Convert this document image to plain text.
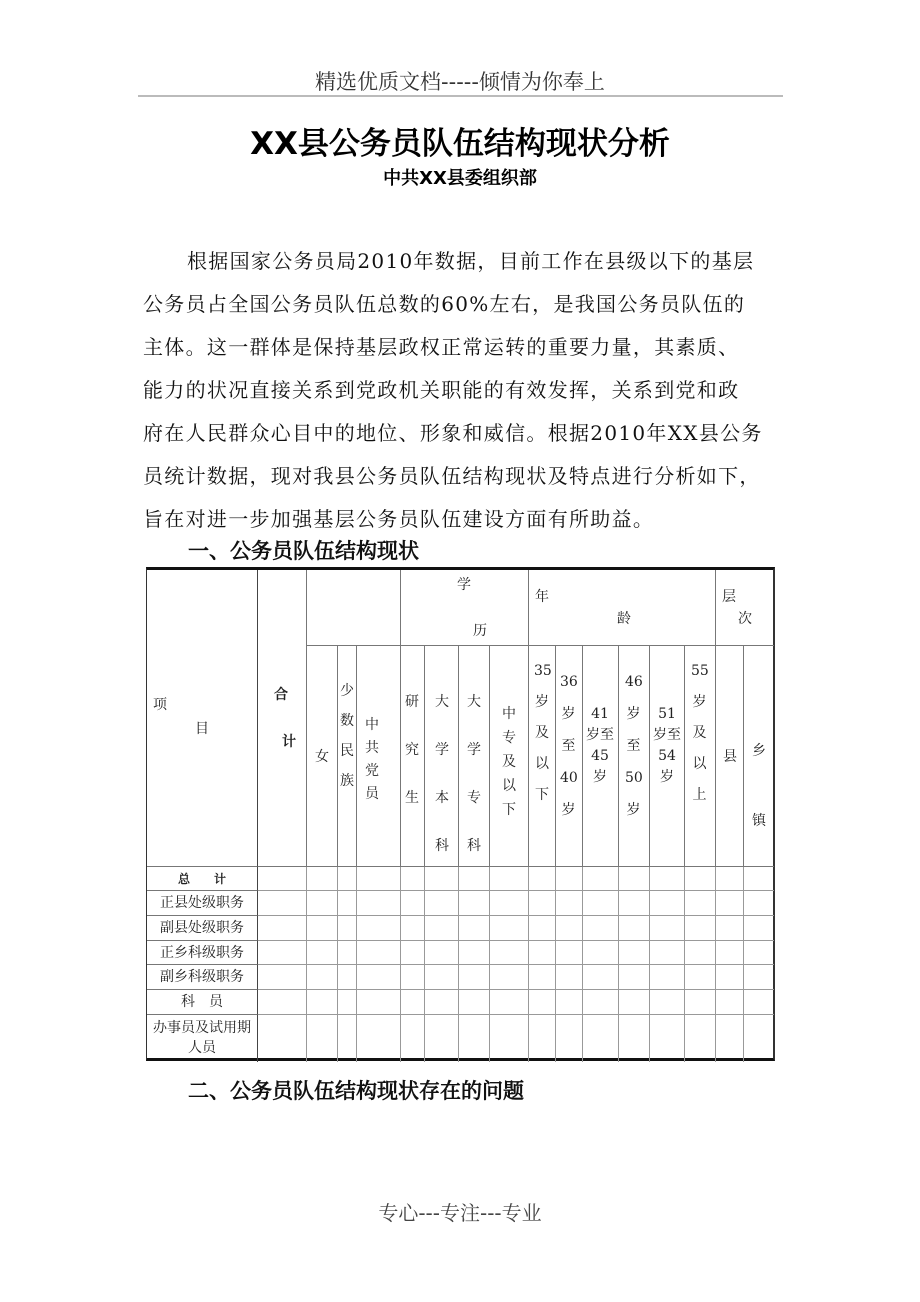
精选优质文档-----倾情为你奉上
XX县公务员队伍结构现状分析
中共XX县委组织部
根据国家公务员局2010年数据，目前工作在县级以下的基层
公务员占全国公务员队伍总数的60%左右，是我国公务员队伍的
主体。这一群体是保持基层政权正常运转的重要力量，其素质、
能力的状况直接关系到党政机关职能的有效发挥，关系到党和政
府在人民群众心目中的地位、形象和威信。根据2010年XX县公务
员统计数据，现对我县公务员队伍结构现状及特点进行分析如下，
旨在对进一步加强基层公务员队伍建设方面有所助益。
一、公务员队伍结构现状
项
目
合
计
学
历
年
龄
层
次
女
少数民族
中共党员
研究生
大学本科
大学专科
中专及以下
35岁及以下
36岁至40岁
41岁至45岁
46岁至50岁
51岁至54岁
55岁及以上
县 乡镇
总　　计
正县处级职务
副县处级职务
正乡科级职务
副乡科级职务
科　员
办事员及试用期人员
二、公务员队伍结构现状存在的问题
专心---专注---专业
